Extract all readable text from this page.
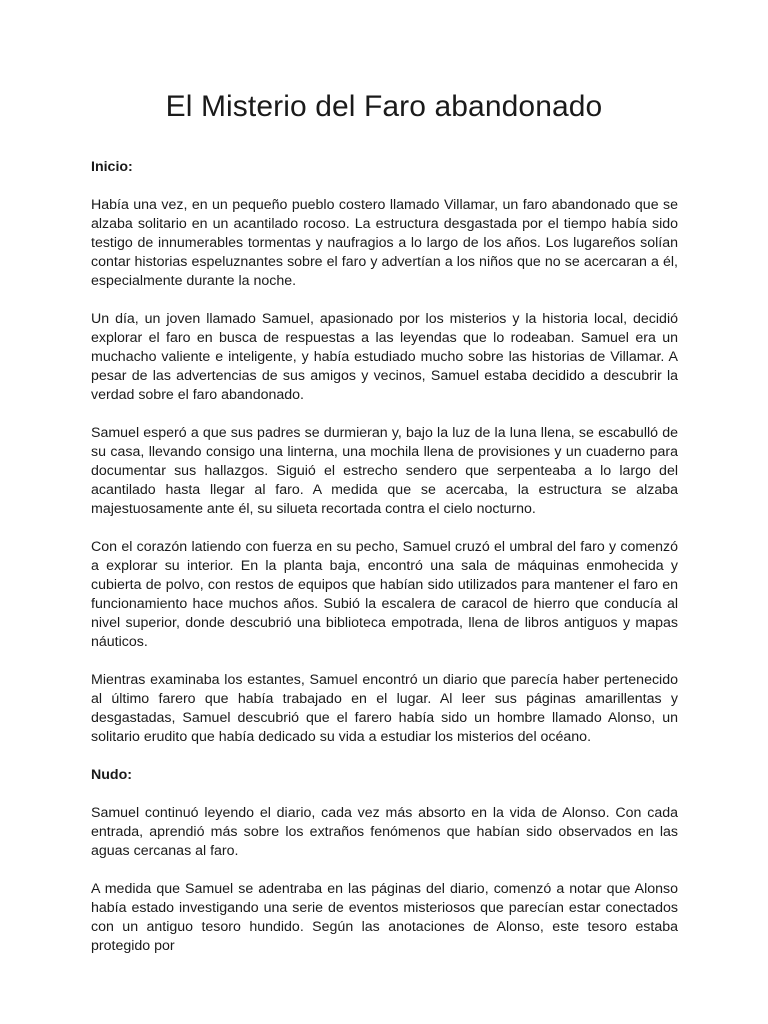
El Misterio del Faro abandonado

Inicio:

Había una vez, en un pequeño pueblo costero llamado Villamar, un faro abandonado que se alzaba solitario en un acantilado rocoso. La estructura desgastada por el tiempo había sido testigo de innumerables tormentas y naufragios a lo largo de los años. Los lugareños solían contar historias espeluznantes sobre el faro y advertían a los niños que no se acercaran a él, especialmente durante la noche.

Un día, un joven llamado Samuel, apasionado por los misterios y la historia local, decidió explorar el faro en busca de respuestas a las leyendas que lo rodeaban. Samuel era un muchacho valiente e inteligente, y había estudiado mucho sobre las historias de Villamar. A pesar de las advertencias de sus amigos y vecinos, Samuel estaba decidido a descubrir la verdad sobre el faro abandonado.

Samuel esperó a que sus padres se durmieran y, bajo la luz de la luna llena, se escabulló de su casa, llevando consigo una linterna, una mochila llena de provisiones y un cuaderno para documentar sus hallazgos. Siguió el estrecho sendero que serpenteaba a lo largo del acantilado hasta llegar al faro. A medida que se acercaba, la estructura se alzaba majestuosamente ante él, su silueta recortada contra el cielo nocturno.

Con el corazón latiendo con fuerza en su pecho, Samuel cruzó el umbral del faro y comenzó a explorar su interior. En la planta baja, encontró una sala de máquinas enmohecida y cubierta de polvo, con restos de equipos que habían sido utilizados para mantener el faro en funcionamiento hace muchos años. Subió la escalera de caracol de hierro que conducía al nivel superior, donde descubrió una biblioteca empotrada, llena de libros antiguos y mapas náuticos.

Mientras examinaba los estantes, Samuel encontró un diario que parecía haber pertenecido al último farero que había trabajado en el lugar. Al leer sus páginas amarillentas y desgastadas, Samuel descubrió que el farero había sido un hombre llamado Alonso, un solitario erudito que había dedicado su vida a estudiar los misterios del océano.

Nudo:

Samuel continuó leyendo el diario, cada vez más absorto en la vida de Alonso. Con cada entrada, aprendió más sobre los extraños fenómenos que habían sido observados en las aguas cercanas al faro.

A medida que Samuel se adentraba en las páginas del diario, comenzó a notar que Alonso había estado investigando una serie de eventos misteriosos que parecían estar conectados con un antiguo tesoro hundido. Según las anotaciones de Alonso, este tesoro estaba protegido por
